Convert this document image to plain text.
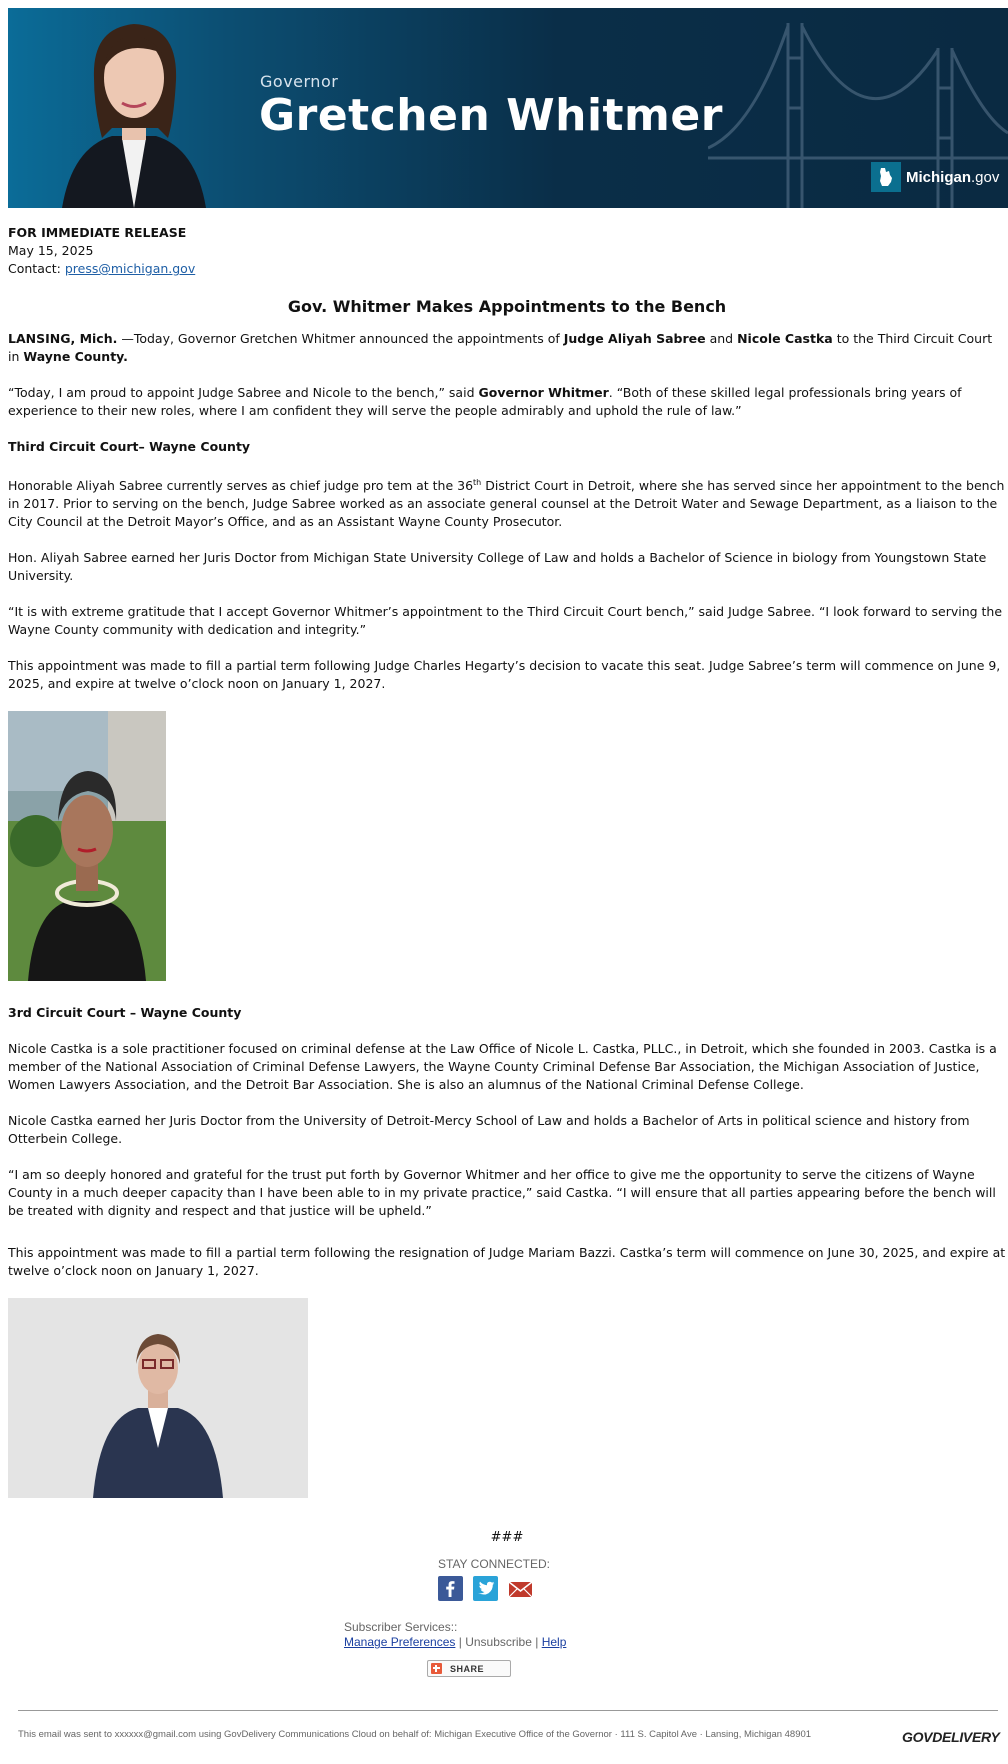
Governor
Gretchen Whitmer
Michigan.gov
FOR IMMEDIATE RELEASE
May 15, 2025
Contact: press@michigan.gov
Gov. Whitmer Makes Appointments to the Bench

LANSING, Mich. —Today, Governor Gretchen Whitmer announced the appointments of Judge Aliyah Sabree and Nicole Castka to the Third Circuit Court in Wayne County.

“Today, I am proud to appoint Judge Sabree and Nicole to the bench,” said Governor Whitmer. “Both of these skilled legal professionals bring years of experience to their new roles, where I am confident they will serve the people admirably and uphold the rule of law.”

Third Circuit Court– Wayne County

Honorable Aliyah Sabree currently serves as chief judge pro tem at the 36th District Court in Detroit, where she has served since her appointment to the bench in 2017. Prior to serving on the bench, Judge Sabree worked as an associate general counsel at the Detroit Water and Sewage Department, as a liaison to the City Council at the Detroit Mayor’s Office, and as an Assistant Wayne County Prosecutor.

Hon. Aliyah Sabree earned her Juris Doctor from Michigan State University College of Law and holds a Bachelor of Science in biology from Youngstown State University.

“It is with extreme gratitude that I accept Governor Whitmer’s appointment to the Third Circuit Court bench,” said Judge Sabree. “I look forward to serving the Wayne County community with dedication and integrity.”

This appointment was made to fill a partial term following Judge Charles Hegarty’s decision to vacate this seat. Judge Sabree’s term will commence on June 9, 2025, and expire at twelve o’clock noon on January 1, 2027.

3rd Circuit Court – Wayne County

Nicole Castka is a sole practitioner focused on criminal defense at the Law Office of Nicole L. Castka, PLLC., in Detroit, which she founded in 2003. Castka is a member of the National Association of Criminal Defense Lawyers, the Wayne County Criminal Defense Bar Association, the Michigan Association of Justice, Women Lawyers Association, and the Detroit Bar Association. She is also an alumnus of the National Criminal Defense College.

Nicole Castka earned her Juris Doctor from the University of Detroit-Mercy School of Law and holds a Bachelor of Arts in political science and history from Otterbein College.

“I am so deeply honored and grateful for the trust put forth by Governor Whitmer and her office to give me the opportunity to serve the citizens of Wayne County in a much deeper capacity than I have been able to in my private practice,” said Castka. “I will ensure that all parties appearing before the bench will be treated with dignity and respect and that justice will be upheld.”

This appointment was made to fill a partial term following the resignation of Judge Mariam Bazzi. Castka’s term will commence on June 30, 2025, and expire at twelve o’clock noon on January 1, 2027.

###
STAY CONNECTED:
Subscriber Services::
Manage Preferences | Unsubscribe | Help
SHARE
This email was sent to xxxxxx@gmail.com using GovDelivery Communications Cloud on behalf of: Michigan Executive Office of the Governor · 111 S. Capitol Ave · Lansing, Michigan 48901	GOVDELIVERY
